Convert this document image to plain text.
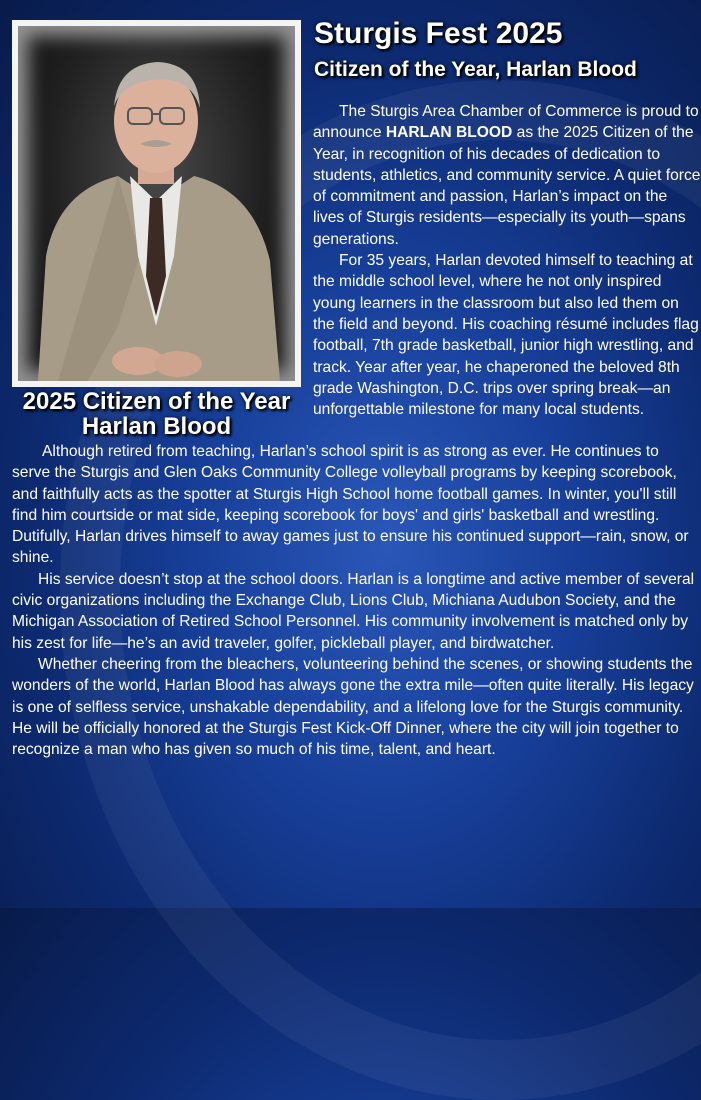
2025 Citizen of the Year
Harlan Blood
Sturgis Fest 2025
Citizen of the Year, Harlan Blood

The Sturgis Area Chamber of Commerce is proud to announce HARLAN BLOOD as the 2025 Citizen of the Year, in recognition of his decades of dedication to students, athletics, and community service. A quiet force of commitment and passion, Harlan’s impact on the lives of Sturgis residents—especially its youth—spans generations.

For 35 years, Harlan devoted himself to teaching at the middle school level, where he not only inspired young learners in the classroom but also led them on the field and beyond. His coaching résumé includes flag football, 7th grade basketball, junior high wrestling, and track. Year after year, he chaperoned the beloved 8th grade Washington, D.C. trips over spring break—an unforgettable milestone for many local students.

Although retired from teaching, Harlan’s school spirit is as strong as ever. He continues to serve the Sturgis and Glen Oaks Community College volleyball programs by keeping scorebook, and faithfully acts as the spotter at Sturgis High School home football games. In winter, you'll still find him courtside or mat side, keeping scorebook for boys' and girls' basketball and wrestling. Dutifully, Harlan drives himself to away games just to ensure his continued support—rain, snow, or shine.

His service doesn’t stop at the school doors. Harlan is a longtime and active member of several civic organizations including the Exchange Club, Lions Club, Michiana Audubon Society, and the Michigan Association of Retired School Personnel. His community involvement is matched only by his zest for life—he’s an avid traveler, golfer, pickleball player, and birdwatcher.

Whether cheering from the bleachers, volunteering behind the scenes, or showing students the wonders of the world, Harlan Blood has always gone the extra mile—often quite literally. His legacy is one of selfless service, unshakable dependability, and a lifelong love for the Sturgis community. He will be officially honored at the Sturgis Fest Kick-Off Dinner, where the city will join together to recognize a man who has given so much of his time, talent, and heart.
